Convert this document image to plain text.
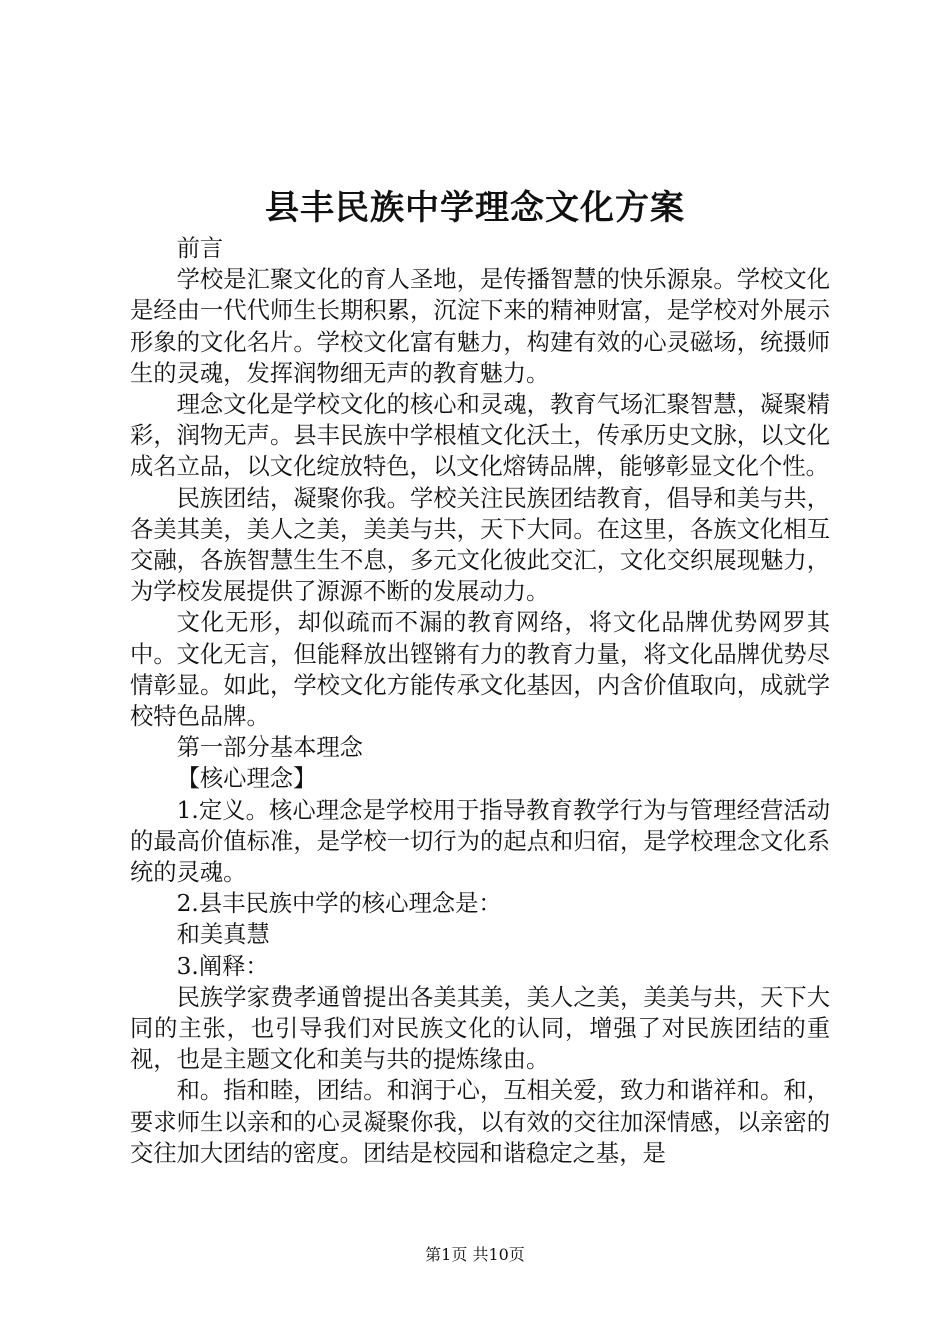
县丰民族中学理念文化方案

前言

学校是汇聚文化的育人圣地，是传播智慧的快乐源泉。学校文化是经由一代代师生长期积累，沉淀下来的精神财富，是学校对外展示形象的文化名片。学校文化富有魅力，构建有效的心灵磁场，统摄师生的灵魂，发挥润物细无声的教育魅力。

理念文化是学校文化的核心和灵魂，教育气场汇聚智慧，凝聚精彩，润物无声。县丰民族中学根植文化沃土，传承历史文脉，以文化成名立品，以文化绽放特色，以文化熔铸品牌，能够彰显文化个性。

民族团结，凝聚你我。学校关注民族团结教育，倡导和美与共，各美其美，美人之美，美美与共，天下大同。在这里，各族文化相互交融，各族智慧生生不息，多元文化彼此交汇，文化交织展现魅力，为学校发展提供了源源不断的发展动力。

文化无形，却似疏而不漏的教育网络，将文化品牌优势网罗其中。文化无言，但能释放出铿锵有力的教育力量，将文化品牌优势尽情彰显。如此，学校文化方能传承文化基因，内含价值取向，成就学校特色品牌。

第一部分基本理念

【核心理念】

1.定义。核心理念是学校用于指导教育教学行为与管理经营活动的最高价值标准，是学校一切行为的起点和归宿，是学校理念文化系统的灵魂。

2.县丰民族中学的核心理念是：

和美真慧

3.阐释：

民族学家费孝通曾提出各美其美，美人之美，美美与共，天下大同的主张，也引导我们对民族文化的认同，增强了对民族团结的重视，也是主题文化和美与共的提炼缘由。

和。指和睦，团结。和润于心，互相关爱，致力和谐祥和。和，要求师生以亲和的心灵凝聚你我，以有效的交往加深情感，以亲密的交往加大团结的密度。团结是校园和谐稳定之基，是

第1页 共10页
